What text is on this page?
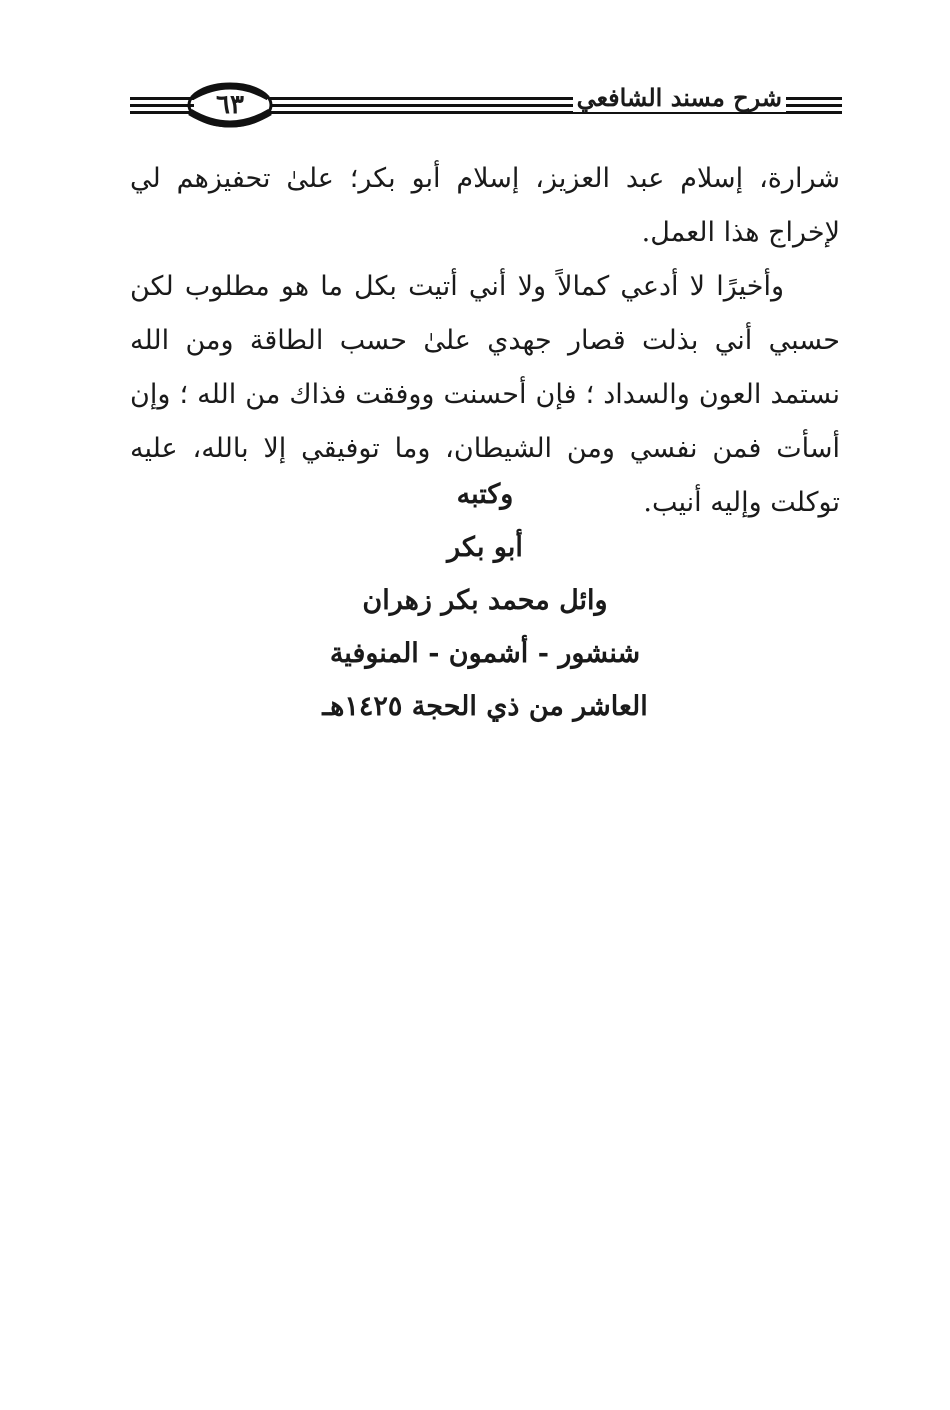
شرح مسند الشافعي
٦٣

شرارة، إسلام عبد العزيز، إسلام أبو بكر؛ علىٰ تحفيزهم لي لإخراج هذا العمل.

وأخيرًا لا أدعي كمالاً ولا أني أتيت بكل ما هو مطلوب لكن حسبي أني بذلت قصار جهدي علىٰ حسب الطاقة ومن الله نستمد العون والسداد ؛ فإن أحسنت ووفقت فذاك من الله ؛ وإن أسأت فمن نفسي ومن الشيطان، وما توفيقي إلا بالله، عليه توكلت وإليه أنيب.

وكتبه
أبو بكر
وائل محمد بكر زهران
شنشور - أشمون - المنوفية
العاشر من ذي الحجة ١٤٢٥هـ
